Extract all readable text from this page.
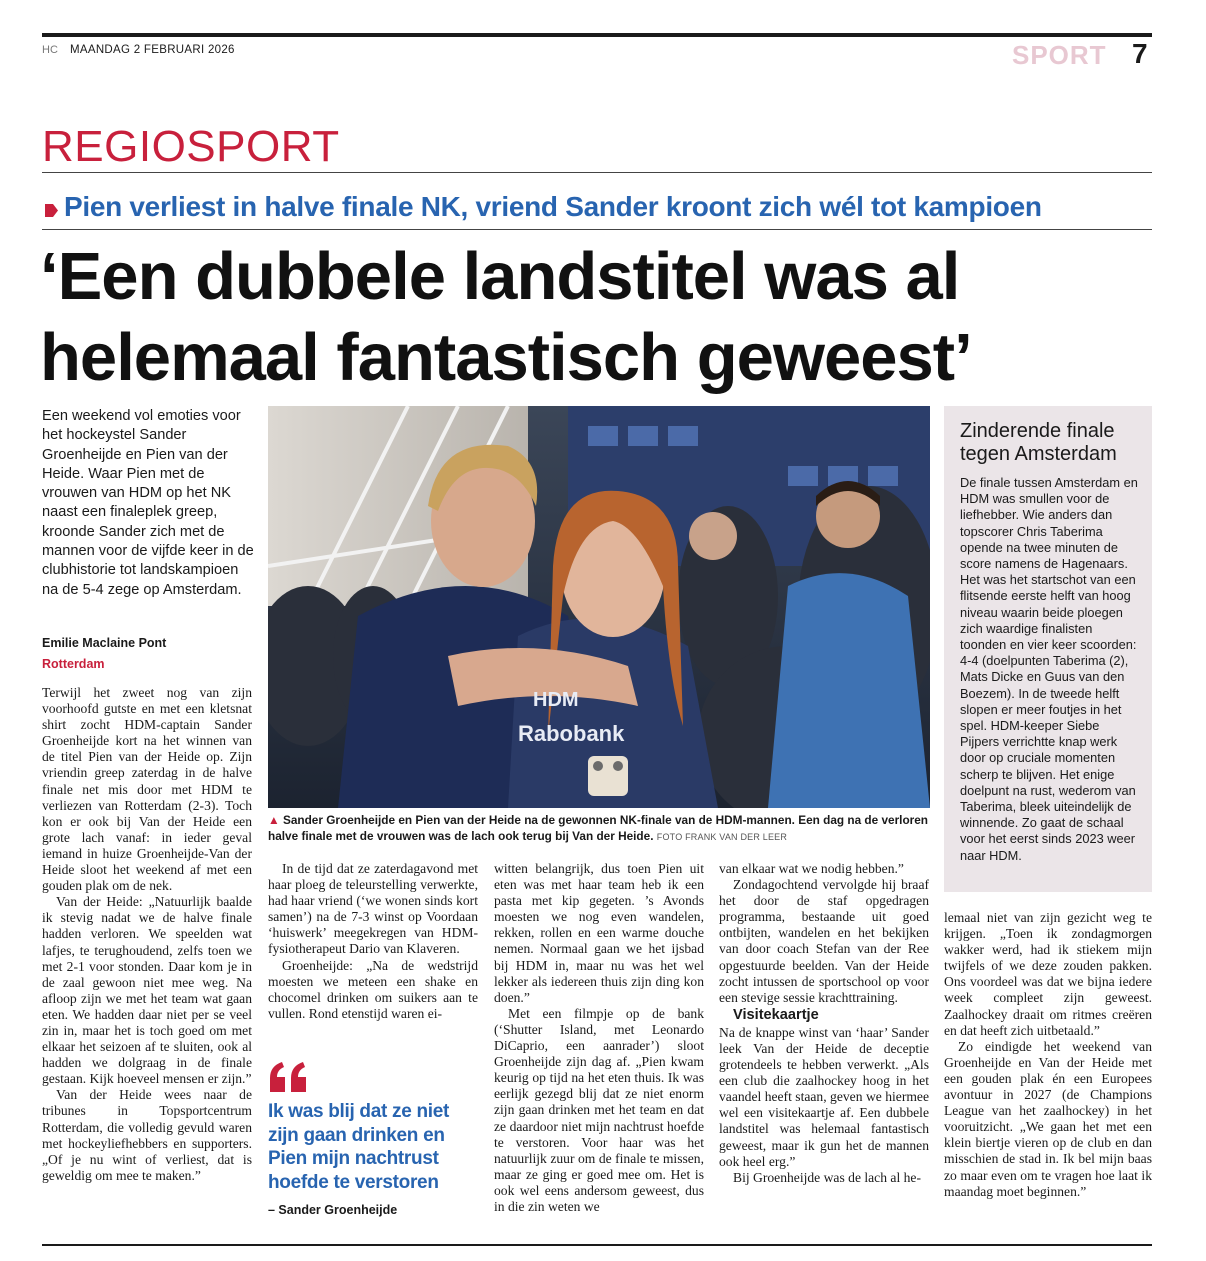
HC MAANDAG 2 FEBRUARI 2026	SPORT 7
REGIOSPORT
Pien verliest in halve finale NK, vriend Sander kroont zich wél tot kampioen
‘Een dubbele landstitel was al
helemaal fantastisch geweest’
Een weekend vol emoties voor het hockeystel Sander Groenheijde en Pien van der Heide. Waar Pien met de vrouwen van HDM op het NK naast een finaleplek greep, kroonde Sander zich met de mannen voor de vijfde keer in de clubhistorie tot landskampioen na de 5-4 zege op Amsterdam.
Emilie Maclaine Pont
Rotterdam

Terwijl het zweet nog van zijn voorhoofd gutste en met een kletsnat shirt zocht HDM-captain Sander Groenheijde kort na het winnen van de titel Pien van der Heide op. Zijn vriendin greep zaterdag in de halve finale net mis door met HDM te verliezen van Rotterdam (2-3). Toch kon er ook bij Van der Heide een grote lach vanaf: in ieder geval iemand in huize Groenheijde-Van der Heide sloot het weekend af met een gouden plak om de nek.

Van der Heide: „Natuurlijk baalde ik stevig nadat we de halve finale hadden verloren. We speelden wat lafjes, te terughoudend, zelfs toen we met 2-1 voor stonden. Daar kom je in de zaal gewoon niet mee weg. Na afloop zijn we met het team wat gaan eten. We hadden daar niet per se veel zin in, maar het is toch goed om met elkaar het seizoen af te sluiten, ook al hadden we dolgraag in de finale gestaan. Kijk hoeveel mensen er zijn.”

Van der Heide wees naar de tribunes in Topsportcentrum Rotterdam, die volledig gevuld waren met hockeyliefhebbers en supporters. „Of je nu wint of verliest, dat is geweldig om mee te maken.”

HDM
Rabobank
▲ Sander Groenheijde en Pien van der Heide na de gewonnen NK-finale van de HDM-mannen. Een dag na de verloren halve finale met de vrouwen was de lach ook terug bij Van der Heide. FOTO FRANK VAN DER LEER

In de tijd dat ze zaterdagavond met haar ploeg de teleurstelling verwerkte, had haar vriend (‘we wonen sinds kort samen’) na de 7-3 winst op Voordaan ‘huiswerk’ meegekregen van HDM-fysiotherapeut Dario van Klaveren.

Groenheijde: „Na de wedstrijd moesten we meteen een shake en chocomel drinken om suikers aan te vullen. Rond etenstijd waren ei-

Ik was blij dat ze niet zijn gaan drinken en Pien mijn nachtrust hoefde te verstoren
– Sander Groenheijde

witten belangrijk, dus toen Pien uit eten was met haar team heb ik een pasta met kip gegeten. ’s Avonds moesten we nog even wandelen, rekken, rollen en een warme douche nemen. Normaal gaan we het ijsbad bij HDM in, maar nu was het wel lekker als iedereen thuis zijn ding kon doen.”

Met een filmpje op de bank (‘Shutter Island, met Leonardo DiCaprio, een aanrader’) sloot Groenheijde zijn dag af. „Pien kwam keurig op tijd na het eten thuis. Ik was eerlijk gezegd blij dat ze niet enorm zijn gaan drinken met het team en dat ze daardoor niet mijn nachtrust hoefde te verstoren. Voor haar was het natuurlijk zuur om de finale te missen, maar ze ging er goed mee om. Het is ook wel eens andersom geweest, dus in die zin weten we

van elkaar wat we nodig hebben.”

Zondagochtend vervolgde hij braaf het door de staf opgedragen programma, bestaande uit goed ontbijten, wandelen en het bekijken van door coach Stefan van der Ree opgestuurde beelden. Van der Heide zocht intussen de sportschool op voor een stevige sessie krachttraining.

Visitekaartje

Na de knappe winst van ‘haar’ Sander leek Van der Heide de deceptie grotendeels te hebben verwerkt. „Als een club die zaalhockey hoog in het vaandel heeft staan, geven we hiermee wel een visitekaartje af. Een dubbele landstitel was helemaal fantastisch geweest, maar ik gun het de mannen ook heel erg.”

Bij Groenheijde was de lach al he-

Zinderende finale tegen Amsterdam
De finale tussen Amsterdam en HDM was smullen voor de liefhebber. Wie anders dan topscorer Chris Taberima opende na twee minuten de score namens de Hagenaars. Het was het startschot van een flitsende eerste helft van hoog niveau waarin beide ploegen zich waardige finalisten toonden en vier keer scoorden: 4-4 (doelpunten Taberima (2), Mats Dicke en Guus van den Boezem). In de tweede helft slopen er meer foutjes in het spel. HDM-keeper Siebe Pijpers verrichtte knap werk door op cruciale momenten scherp te blijven. Het enige doelpunt na rust, wederom van Taberima, bleek uiteindelijk de winnende. Zo gaat de schaal voor het eerst sinds 2023 weer naar HDM.

lemaal niet van zijn gezicht weg te krijgen. „Toen ik zondagmorgen wakker werd, had ik stiekem mijn twijfels of we deze zouden pakken. Ons voordeel was dat we bijna iedere week compleet zijn geweest. Zaalhockey draait om ritmes creëren en dat heeft zich uitbetaald.”

Zo eindigde het weekend van Groenheijde en Van der Heide met een gouden plak én een Europees avontuur in 2027 (de Champions League van het zaalhockey) in het vooruitzicht. „We gaan het met een klein biertje vieren op de club en dan misschien de stad in. Ik bel mijn baas zo maar even om te vragen hoe laat ik maandag moet beginnen.”
